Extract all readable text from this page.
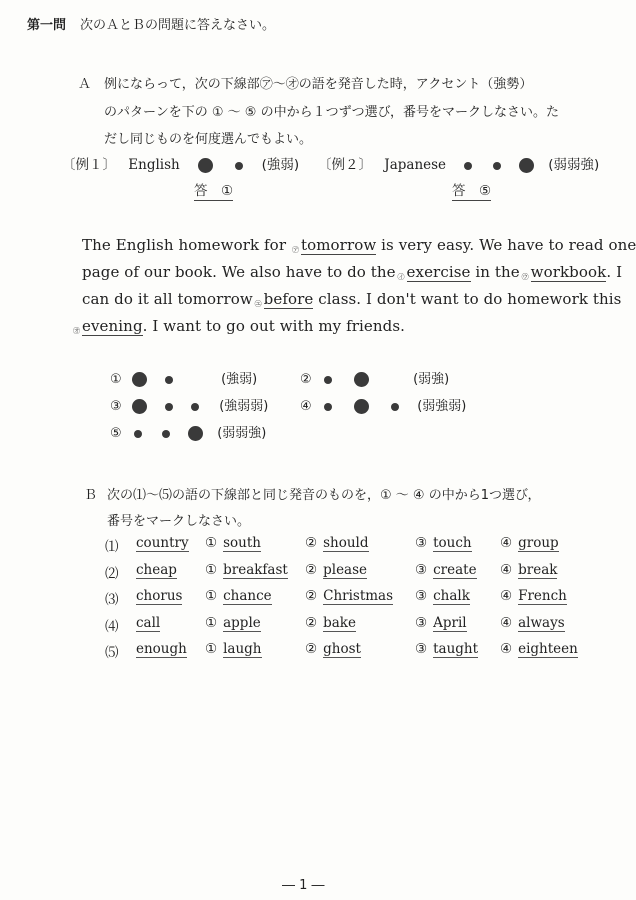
第一問 次のＡとＢの問題に答えなさい。
Ａ 例にならって，次の下線部㋐～㋔の語を発音した時，アクセント（強勢）
のパターンを下の ① ～ ⑤ の中から１つずつ選び，番号をマークしなさい。た
だし同じものを何度選んでもよい。
〔例１〕 English	(強弱) 〔例２〕 Japanese	(弱弱強)
答　①	答　⑤
The English homework for ㋐ tomorrow is very easy. We have to read one
page of our book. We also have to do the ㋑ exercise in the ㋒ workbook. I
can do it all tomorrow ㋓ before class. I don't want to do homework this
㋔ evening. I want to go out with my friends.
①	(強弱)	②	(弱強)
③	(強弱弱) ④	(弱強弱)
⑤	(弱弱強)
Ｂ 次の⑴～⑸の語の下線部と同じ発音のものを，① ～ ④ の中から1つ選び，
番号をマークしなさい。
⑴ country ① south	② should	③ touch ④ group
⑵ cheap ① breakfast ② please	③ create ④ break
⑶ chorus ① chance ② Christmas ③ chalk ④ French
⑷ call	① apple	② bake	③ April ④ always
⑸ enough ① laugh	② ghost	③ taught ④ eighteen
― 1 ―
